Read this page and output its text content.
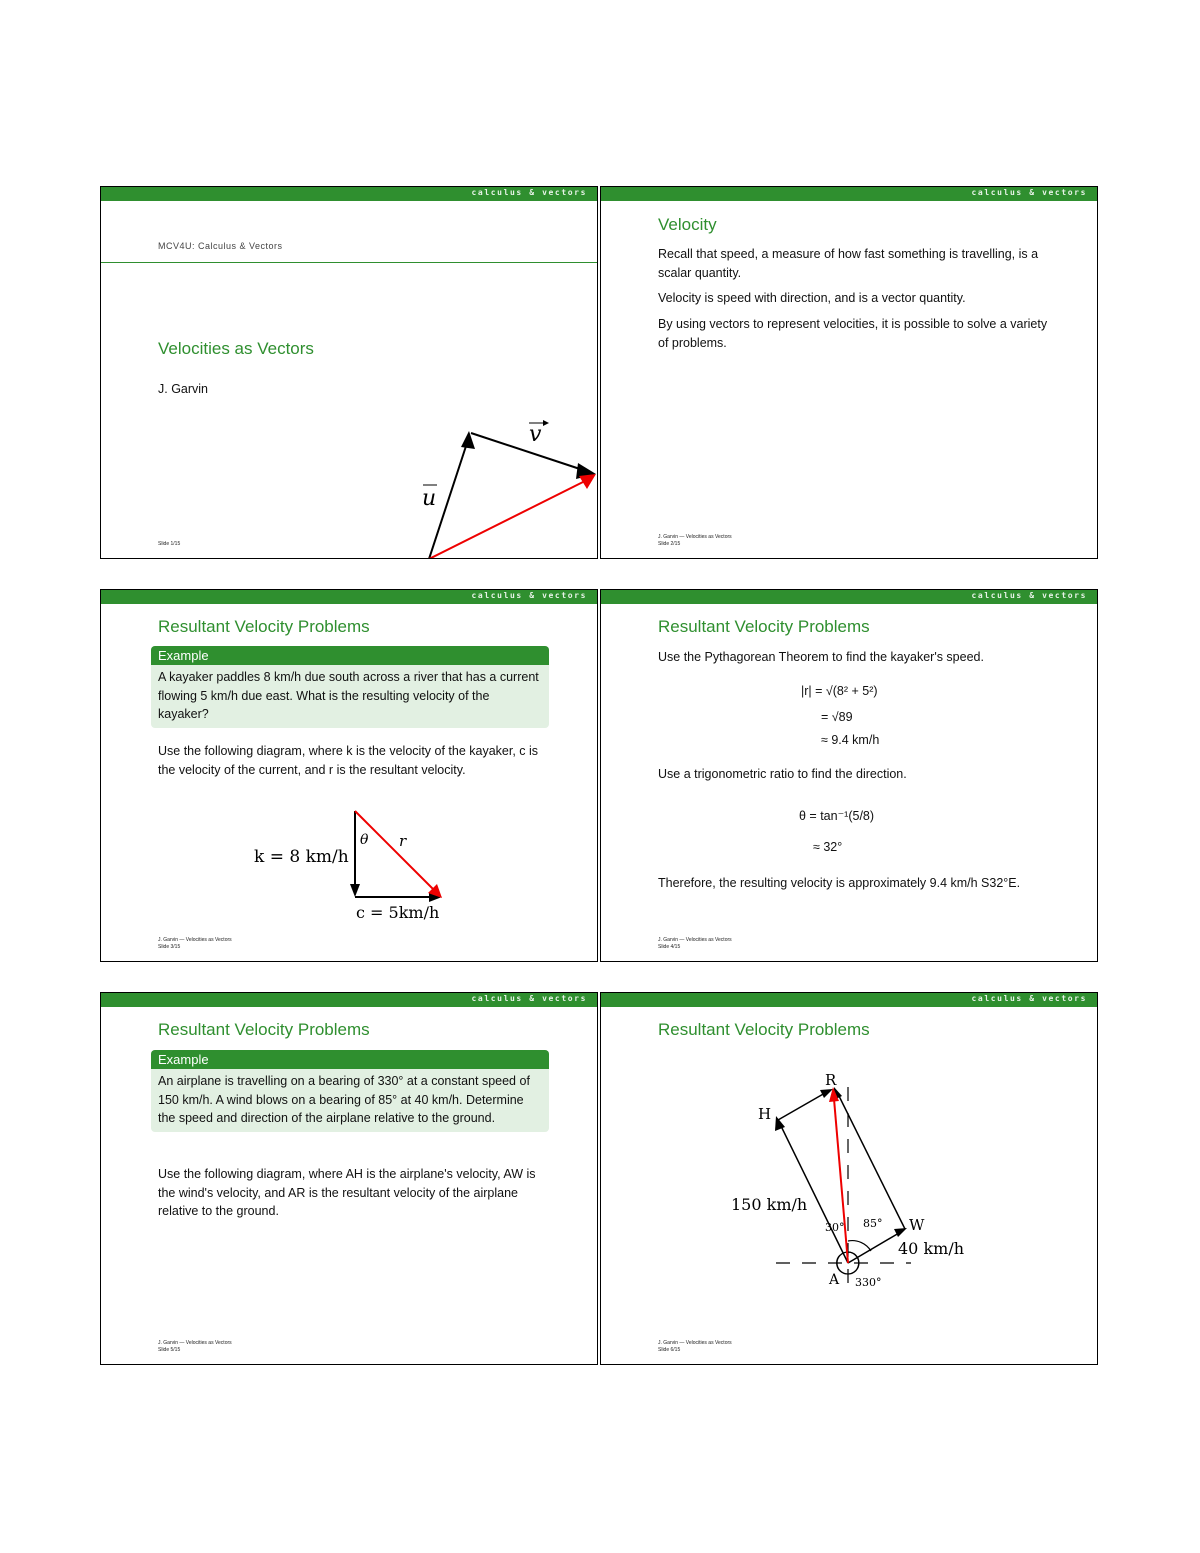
calculus & vectors
MCV4U: Calculus & Vectors
Velocities as Vectors
J. Garvin
u
v
Slide 1/15
calculus & vectors
Velocity
Recall that speed, a measure of how fast something is travelling, is a scalar quantity.
Velocity is speed with direction, and is a vector quantity.
By using vectors to represent velocities, it is possible to solve a variety of problems.
J. Garvin — Velocities as Vectors
Slide 2/15
calculus & vectors
Resultant Velocity Problems
Example
A kayaker paddles 8 km/h due south across a river that has a current flowing 5 km/h due east. What is the resulting velocity of the kayaker?
Use the following diagram, where k is the velocity of the kayaker, c is the velocity of the current, and r is the resultant velocity.
k = 8 km/h
c = 5km/h
θ r
J. Garvin — Velocities as Vectors
Slide 3/15
calculus & vectors
Resultant Velocity Problems
Use the Pythagorean Theorem to find the kayaker's speed.
|r| = √(8² + 5²)
= √89
≈ 9.4 km/h
Use a trigonometric ratio to find the direction.
θ = tan⁻¹(5/8)
≈ 32°
Therefore, the resulting velocity is approximately 9.4 km/h S32°E.
J. Garvin — Velocities as Vectors
Slide 4/15
calculus & vectors
Resultant Velocity Problems
Example
An airplane is travelling on a bearing of 330° at a constant speed of 150 km/h. A wind blows on a bearing of 85° at 40 km/h. Determine the speed and direction of the airplane relative to the ground.
Use the following diagram, where AH is the airplane's velocity, AW is the wind's velocity, and AR is the resultant velocity of the airplane relative to the ground.
J. Garvin — Velocities as Vectors
Slide 5/15
calculus & vectors
Resultant Velocity Problems
R
H
W
A
150 km/h
40 km/h
30° 85°
330°
J. Garvin — Velocities as Vectors
Slide 6/15
